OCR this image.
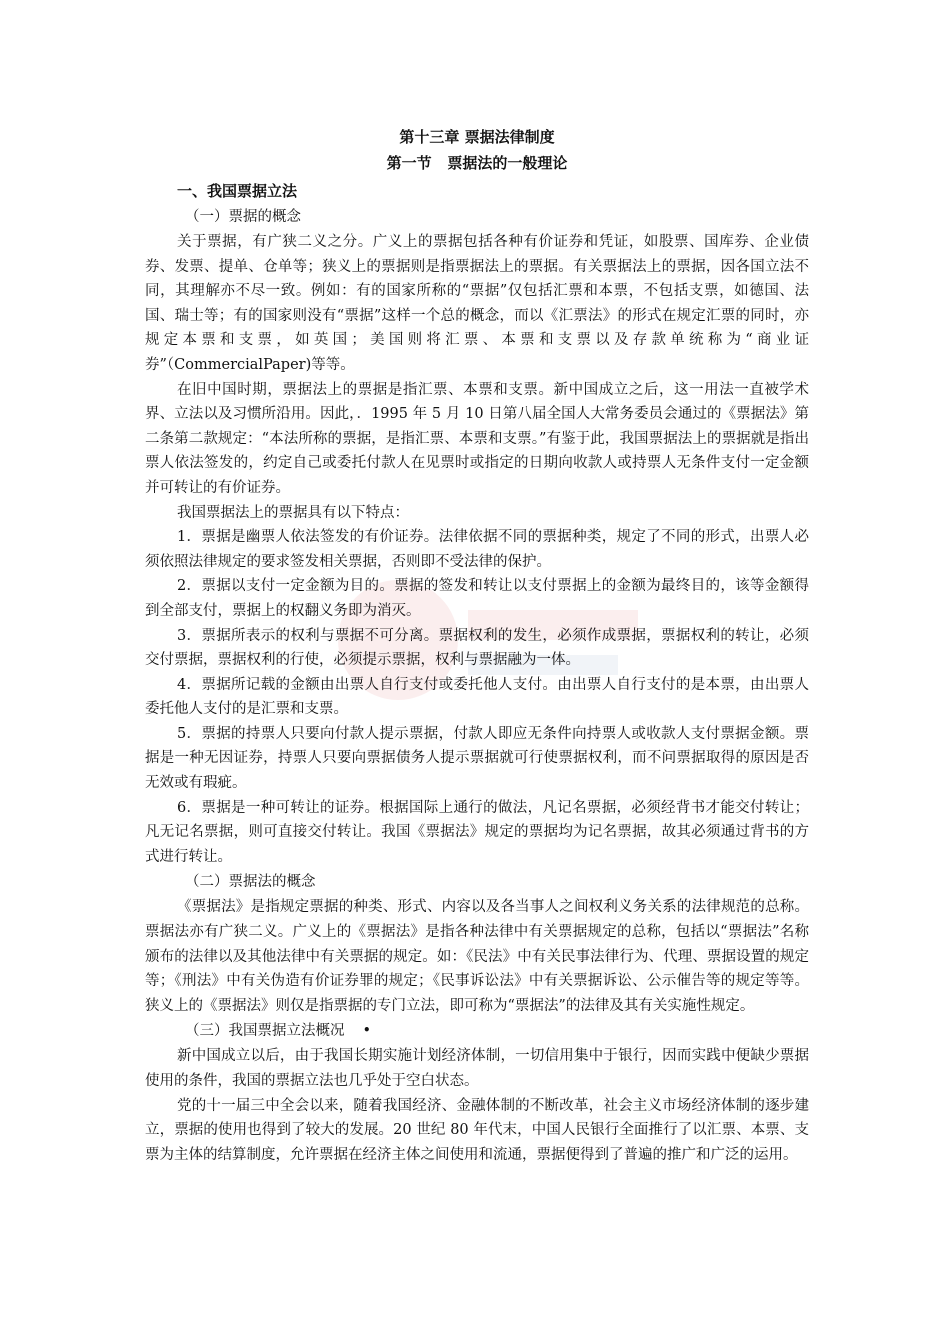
第十三章 票据法律制度

第一节   票据法的一般理论

一、我国票据立法

（一）票据的概念

关于票据，有广狭二义之分。广义上的票据包括各种有价证券和凭证，如股票、国库券、企业债券、发票、提单、仓单等；狭义上的票据则是指票据法上的票据。有关票据法上的票据，因各国立法不同，其理解亦不尽一致。例如：有的国家所称的“票据”仅包括汇票和本票，不包括支票，如德国、法国、瑞士等；有的国家则没有“票据”这样一个总的概念，而以《汇票法》的形式在规定汇票的同时，亦规定本票和支票，如英国；美国则将汇票、本票和支票以及存款单统称为“商业证券”（CommercialPaper)等等。

在旧中国时期，票据法上的票据是指汇票、本票和支票。新中国成立之后，这一用法一直被学术界、立法以及习惯所沿用。因此，．1995 年 5 月 10 日第八届全国人大常务委员会通过的《票据法》第二条第二款规定：“本法所称的票据，是指汇票、本票和支票。”有鉴于此，我国票据法上的票据就是指出票人依法签发的，约定自己或委托付款人在见票时或指定的日期向收款人或持票人无条件支付一定金额并可转让的有价证券。

我国票据法上的票据具有以下特点：

1．票据是幽票人依法签发的有价证券。法律依据不同的票据种类，规定了不同的形式，出票人必须依照法律规定的要求签发相关票据，否则即不受法律的保护。

2．票据以支付一定金额为目的。票据的签发和转让以支付票据上的金额为最终目的，该等金额得到全部支付，票据上的权翻义务即为消灭。

3．票据所表示的权利与票据不可分离。票据权利的发生，必须作成票据，票据权利的转让，必须交付票据，票据权利的行使，必须提示票据，权利与票据融为一体。

4．票据所记载的金额由出票人自行支付或委托他人支付。由出票人自行支付的是本票，由出票人委托他人支付的是汇票和支票。

5．票据的持票人只要向付款人提示票据，付款人即应无条件向持票人或收款人支付票据金额。票据是一种无因证券，持票人只要向票据债务人提示票据就可行使票据权利，而不问票据取得的原因是否无效或有瑕疵。

6．票据是一种可转让的证券。根据国际上通行的做法，凡记名票据，必须经背书才能交付转让；凡无记名票据，则可直接交付转让。我国《票据法》规定的票据均为记名票据，故其必须通过背书的方式进行转让。

（二）票据法的概念

《票据法》是指规定票据的种类、形式、内容以及各当事人之间权利义务关系的法律规范的总称。票据法亦有广狭二义。广义上的《票据法》是指各种法律中有关票据规定的总称，包括以“票据法”名称颁布的法律以及其他法律中有关票据的规定。如：《民法》中有关民事法律行为、代理、票据设置的规定等；《刑法》中有关伪造有价证券罪的规定；《民事诉讼法》中有关票据诉讼、公示催告等的规定等等。狭义上的《票据法》则仅是指票据的专门立法，即可称为“票据法”的法律及其有关实施性规定。

（三）我国票据立法概况 •

新中国成立以后，由于我国长期实施计划经济体制，一切信用集中于银行，因而实践中便缺少票据使用的条件，我国的票据立法也几乎处于空白状态。

党的十一届三中全会以来，随着我国经济、金融体制的不断改革，社会主义市场经济体制的逐步建立，票据的使用也得到了较大的发展。20 世纪 80 年代末，中国人民银行全面推行了以汇票、本票、支票为主体的结算制度，允许票据在经济主体之间使用和流通，票据便得到了普遍的推广和广泛的运用。
